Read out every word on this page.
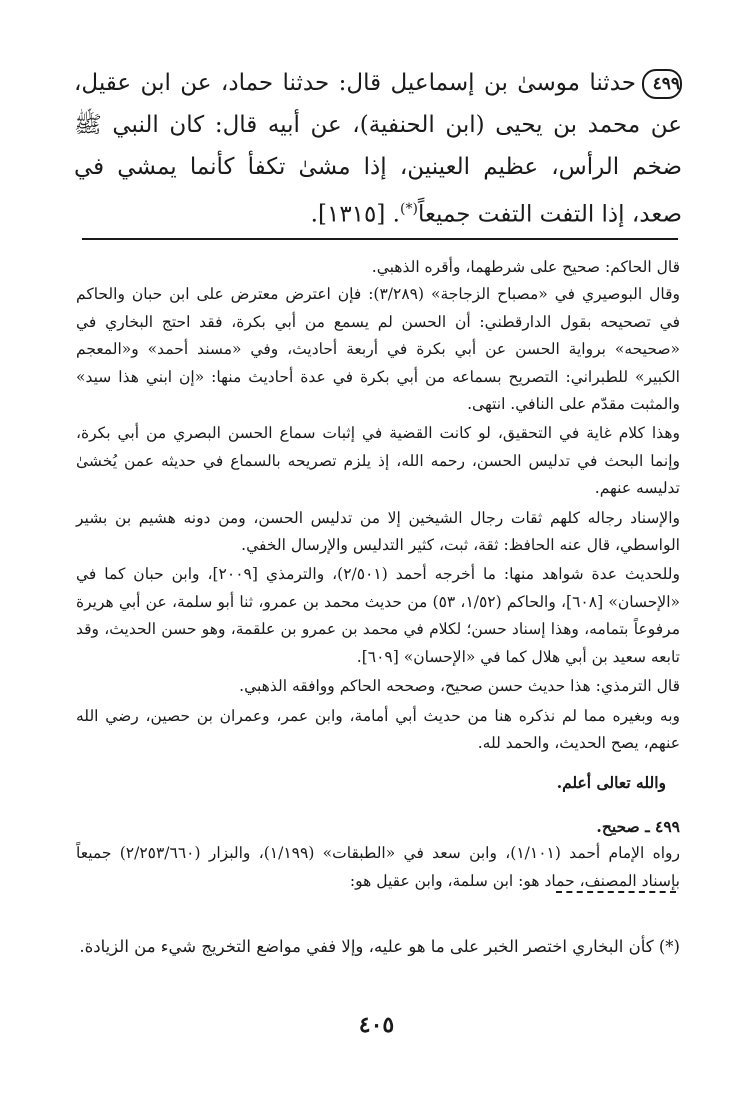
٤٩٩حدثنا موسىٰ بن إسماعيل قال: حدثنا حماد، عن ابن عقيل، عن محمد بن يحيى (ابن الحنفية)، عن أبيه قال: كان النبي ﷺ ضخم الرأس، عظيم العينين، إذا مشىٰ تكفأ كأنما يمشي في صعد، إذا التفت التفت جميعاً(*). [١٣١٥].

قال الحاكم: صحيح على شرطهما، وأقره الذهبي.

وقال البوصيري في «مصباح الزجاجة» (٣/٢٨٩): فإن اعترض معترض على ابن حبان والحاكم في تصحيحه بقول الدارقطني: أن الحسن لم يسمع من أبي بكرة، فقد احتج البخاري في «صحيحه» برواية الحسن عن أبي بكرة في أربعة أحاديث، وفي «مسند أحمد» و«المعجم الكبير» للطبراني: التصريح بسماعه من أبي بكرة في عدة أحاديث منها: «إن ابني هذا سيد» والمثبت مقدّم على النافي. انتهى.

وهذا كلام غاية في التحقيق، لو كانت القضية في إثبات سماع الحسن البصري من أبي بكرة، وإنما البحث في تدليس الحسن، رحمه الله، إذ يلزم تصريحه بالسماع في حديثه عمن يُخشىٰ تدليسه عنهم.

والإسناد رجاله كلهم ثقات رجال الشيخين إلا من تدليس الحسن، ومن دونه هشيم بن بشير الواسطي، قال عنه الحافظ: ثقة، ثبت، كثير التدليس والإرسال الخفي.

وللحديث عدة شواهد منها: ما أخرجه أحمد (٢/٥٠١)، والترمذي [٢٠٠٩]، وابن حبان كما في «الإحسان» [٦٠٨]، والحاكم (١/٥٢، ٥٣) من حديث محمد بن عمرو، ثنا أبو سلمة، عن أبي هريرة مرفوعاً بتمامه، وهذا إسناد حسن؛ لكلام في محمد بن عمرو بن علقمة، وهو حسن الحديث، وقد تابعه سعيد بن أبي هلال كما في «الإحسان» [٦٠٩].

قال الترمذي: هذا حديث حسن صحيح، وصححه الحاكم ووافقه الذهبي.

وبه وبغيره مما لم نذكره هنا من حديث أبي أمامة، وابن عمر، وعمران بن حصين، رضي الله عنهم، يصح الحديث، والحمد لله.

والله تعالى أعلم.

٤٩٩ ـ صحيح.

رواه الإمام أحمد (١/١٠١)، وابن سعد في «الطبقات» (١/١٩٩)، والبزار (٢/٢٥٣/٦٦٠) جميعاً بإسناد المصنف، حماد هو: ابن سلمة، وابن عقيل هو:

(*) كأن البخاري اختصر الخبر على ما هو عليه، وإلا ففي مواضع التخريج شيء من الزيادة.

٤٠٥
